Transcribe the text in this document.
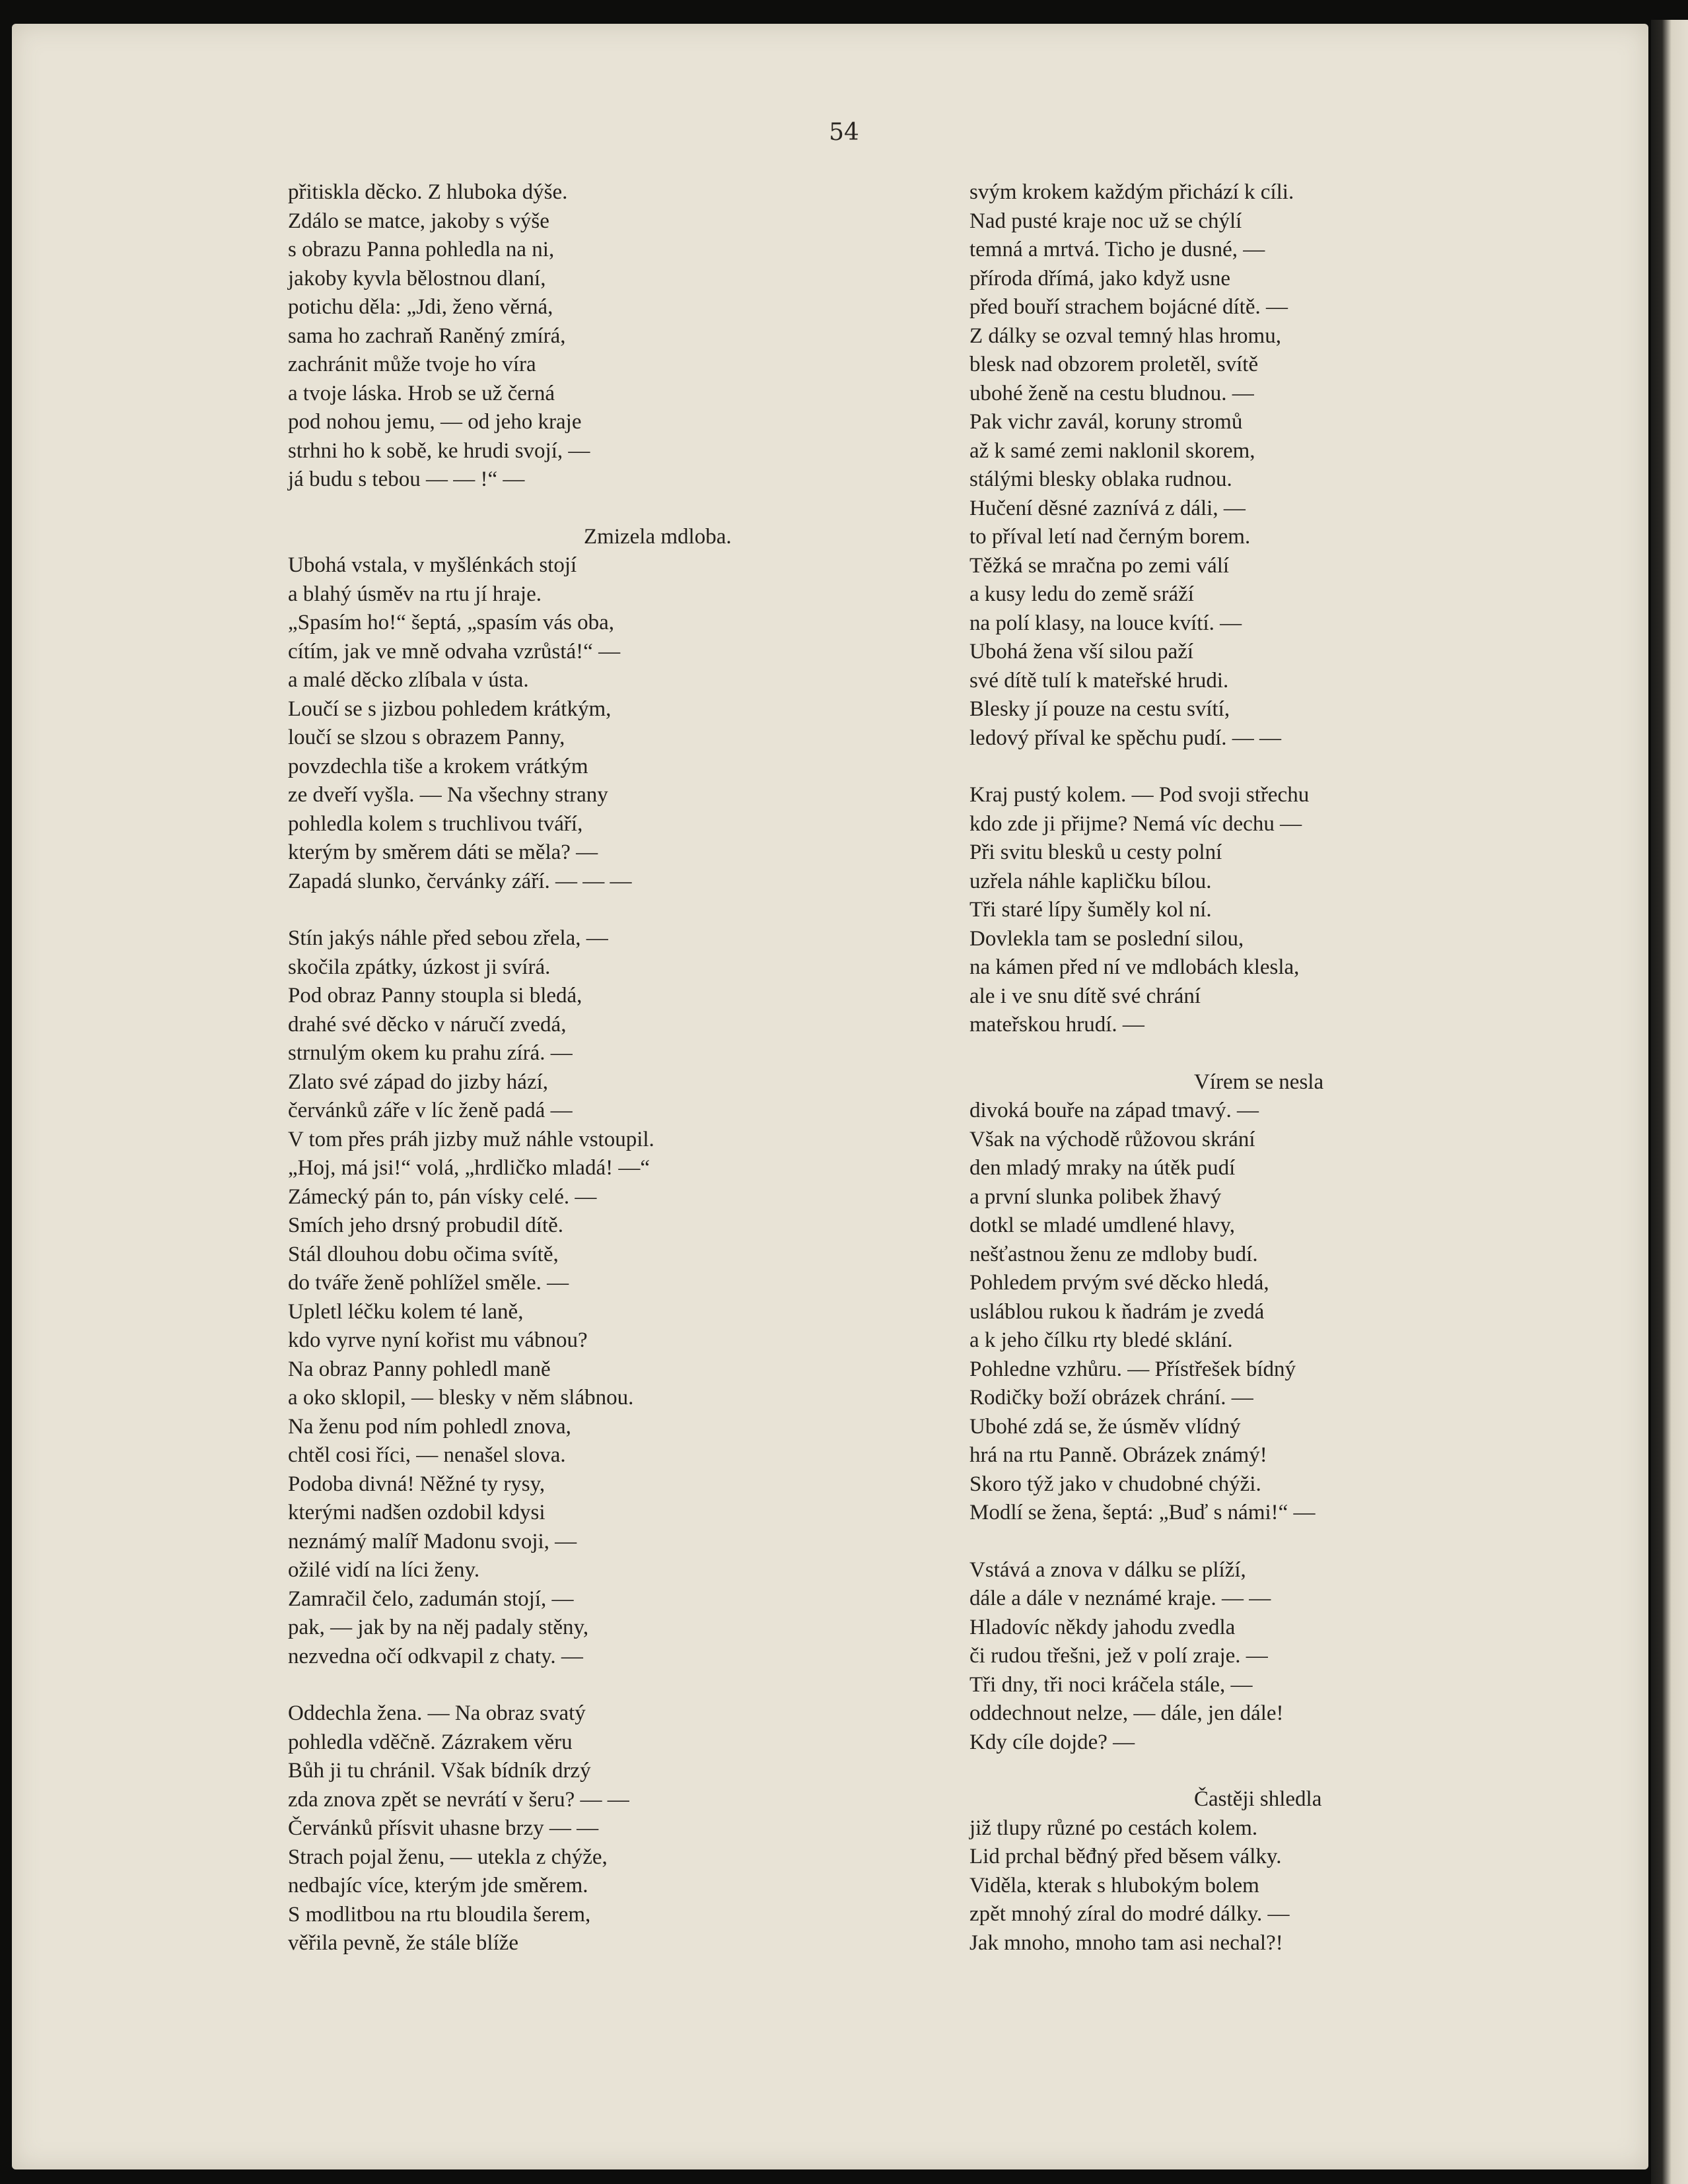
54
přitiskla děcko. Z hluboka dýše.
Zdálo se matce, jakoby s výše
s obrazu Panna pohledla na ni,
jakoby kyvla bělostnou dlaní,
potichu děla: „Jdi, ženo věrná,
sama ho zachraň Raněný zmírá,
zachránit může tvoje ho víra
a tvoje láska. Hrob se už černá
pod nohou jemu, — od jeho kraje
strhni ho k sobě, ke hrudi svojí, —
já budu s tebou — — !“ —
Zmizela mdloba.
Ubohá vstala, v myšlénkách stojí
a blahý úsměv na rtu jí hraje.
„Spasím ho!“ šeptá, „spasím vás oba,
cítím, jak ve mně odvaha vzrůstá!“ —
a malé děcko zlíbala v ústa.
Loučí se s jizbou pohledem krátkým,
loučí se slzou s obrazem Panny,
povzdechla tiše a krokem vrátkým
ze dveří vyšla. — Na všechny strany
pohledla kolem s truchlivou tváří,
kterým by směrem dáti se měla? —
Zapadá slunko, červánky září. — — —
Stín jakýs náhle před sebou zřela, —
skočila zpátky, úzkost ji svírá.
Pod obraz Panny stoupla si bledá,
drahé své děcko v náručí zvedá,
strnulým okem ku prahu zírá. —
Zlato své západ do jizby hází,
červánků záře v líc ženě padá —
V tom přes práh jizby muž náhle vstoupil.
„Hoj, má jsi!“ volá, „hrdličko mladá! —“
Zámecký pán to, pán vísky celé. —
Smích jeho drsný probudil dítě.
Stál dlouhou dobu očima svítě,
do tváře ženě pohlížel směle. —
Upletl léčku kolem té laně,
kdo vyrve nyní kořist mu vábnou?
Na obraz Panny pohledl maně
a oko sklopil, — blesky v něm slábnou.
Na ženu pod ním pohledl znova,
chtěl cosi říci, — nenašel slova.
Podoba divná! Něžné ty rysy,
kterými nadšen ozdobil kdysi
neznámý malíř Madonu svoji, —
ožilé vidí na líci ženy.
Zamračil čelo, zadumán stojí, —
pak, — jak by na něj padaly stěny,
nezvedna očí odkvapil z chaty. —
Oddechla žena. — Na obraz svatý
pohledla vděčně. Zázrakem věru
Bůh ji tu chránil. Však bídník drzý
zda znova zpět se nevrátí v šeru? — —
Červánků přísvit uhasne brzy — —
Strach pojal ženu, — utekla z chýže,
nedbajíc více, kterým jde směrem.
S modlitbou na rtu bloudila šerem,
věřila pevně, že stále blíže
svým krokem každým přichází k cíli.
Nad pusté kraje noc už se chýlí
temná a mrtvá. Ticho je dusné, —
příroda dřímá, jako když usne
před bouří strachem bojácné dítě. —
Z dálky se ozval temný hlas hromu,
blesk nad obzorem proletěl, svítě
ubohé ženě na cestu bludnou. —
Pak vichr zavál, koruny stromů
až k samé zemi naklonil skorem,
stálými blesky oblaka rudnou.
Hučení děsné zaznívá z dáli, —
to příval letí nad černým borem.
Těžká se mračna po zemi válí
a kusy ledu do země sráží
na polí klasy, na louce kvítí. —
Ubohá žena vší silou paží
své dítě tulí k mateřské hrudi.
Blesky jí pouze na cestu svítí,
ledový příval ke spěchu pudí. — —
Kraj pustý kolem. — Pod svoji střechu
kdo zde ji přijme? Nemá víc dechu —
Při svitu blesků u cesty polní
uzřela náhle kapličku bílou.
Tři staré lípy šuměly kol ní.
Dovlekla tam se poslední silou,
na kámen před ní ve mdlobách klesla,
ale i ve snu dítě své chrání
mateřskou hrudí. —
Vírem se nesla
divoká bouře na západ tmavý. —
Však na východě růžovou skrání
den mladý mraky na útěk pudí
a první slunka polibek žhavý
dotkl se mladé umdlené hlavy,
nešťastnou ženu ze mdloby budí.
Pohledem prvým své děcko hledá,
usláblou rukou k ňadrám je zvedá
a k jeho čílku rty bledé sklání.
Pohledne vzhůru. — Přístřešek bídný
Rodičky boží obrázek chrání. —
Ubohé zdá se, že úsměv vlídný
hrá na rtu Panně. Obrázek známý!
Skoro týž jako v chudobné chýži.
Modlí se žena, šeptá: „Buď s námi!“ —
Vstává a znova v dálku se plíží,
dále a dále v neznámé kraje. — —
Hladovíc někdy jahodu zvedla
či rudou třešni, jež v polí zraje. —
Tři dny, tři noci kráčela stále, —
oddechnout nelze, — dále, jen dále!
Kdy cíle dojde? —
Častěji shledla
již tlupy různé po cestách kolem.
Lid prchal běđný před běsem války.
Viděla, kterak s hlubokým bolem
zpět mnohý zíral do modré dálky. —
Jak mnoho, mnoho tam asi nechal?!
